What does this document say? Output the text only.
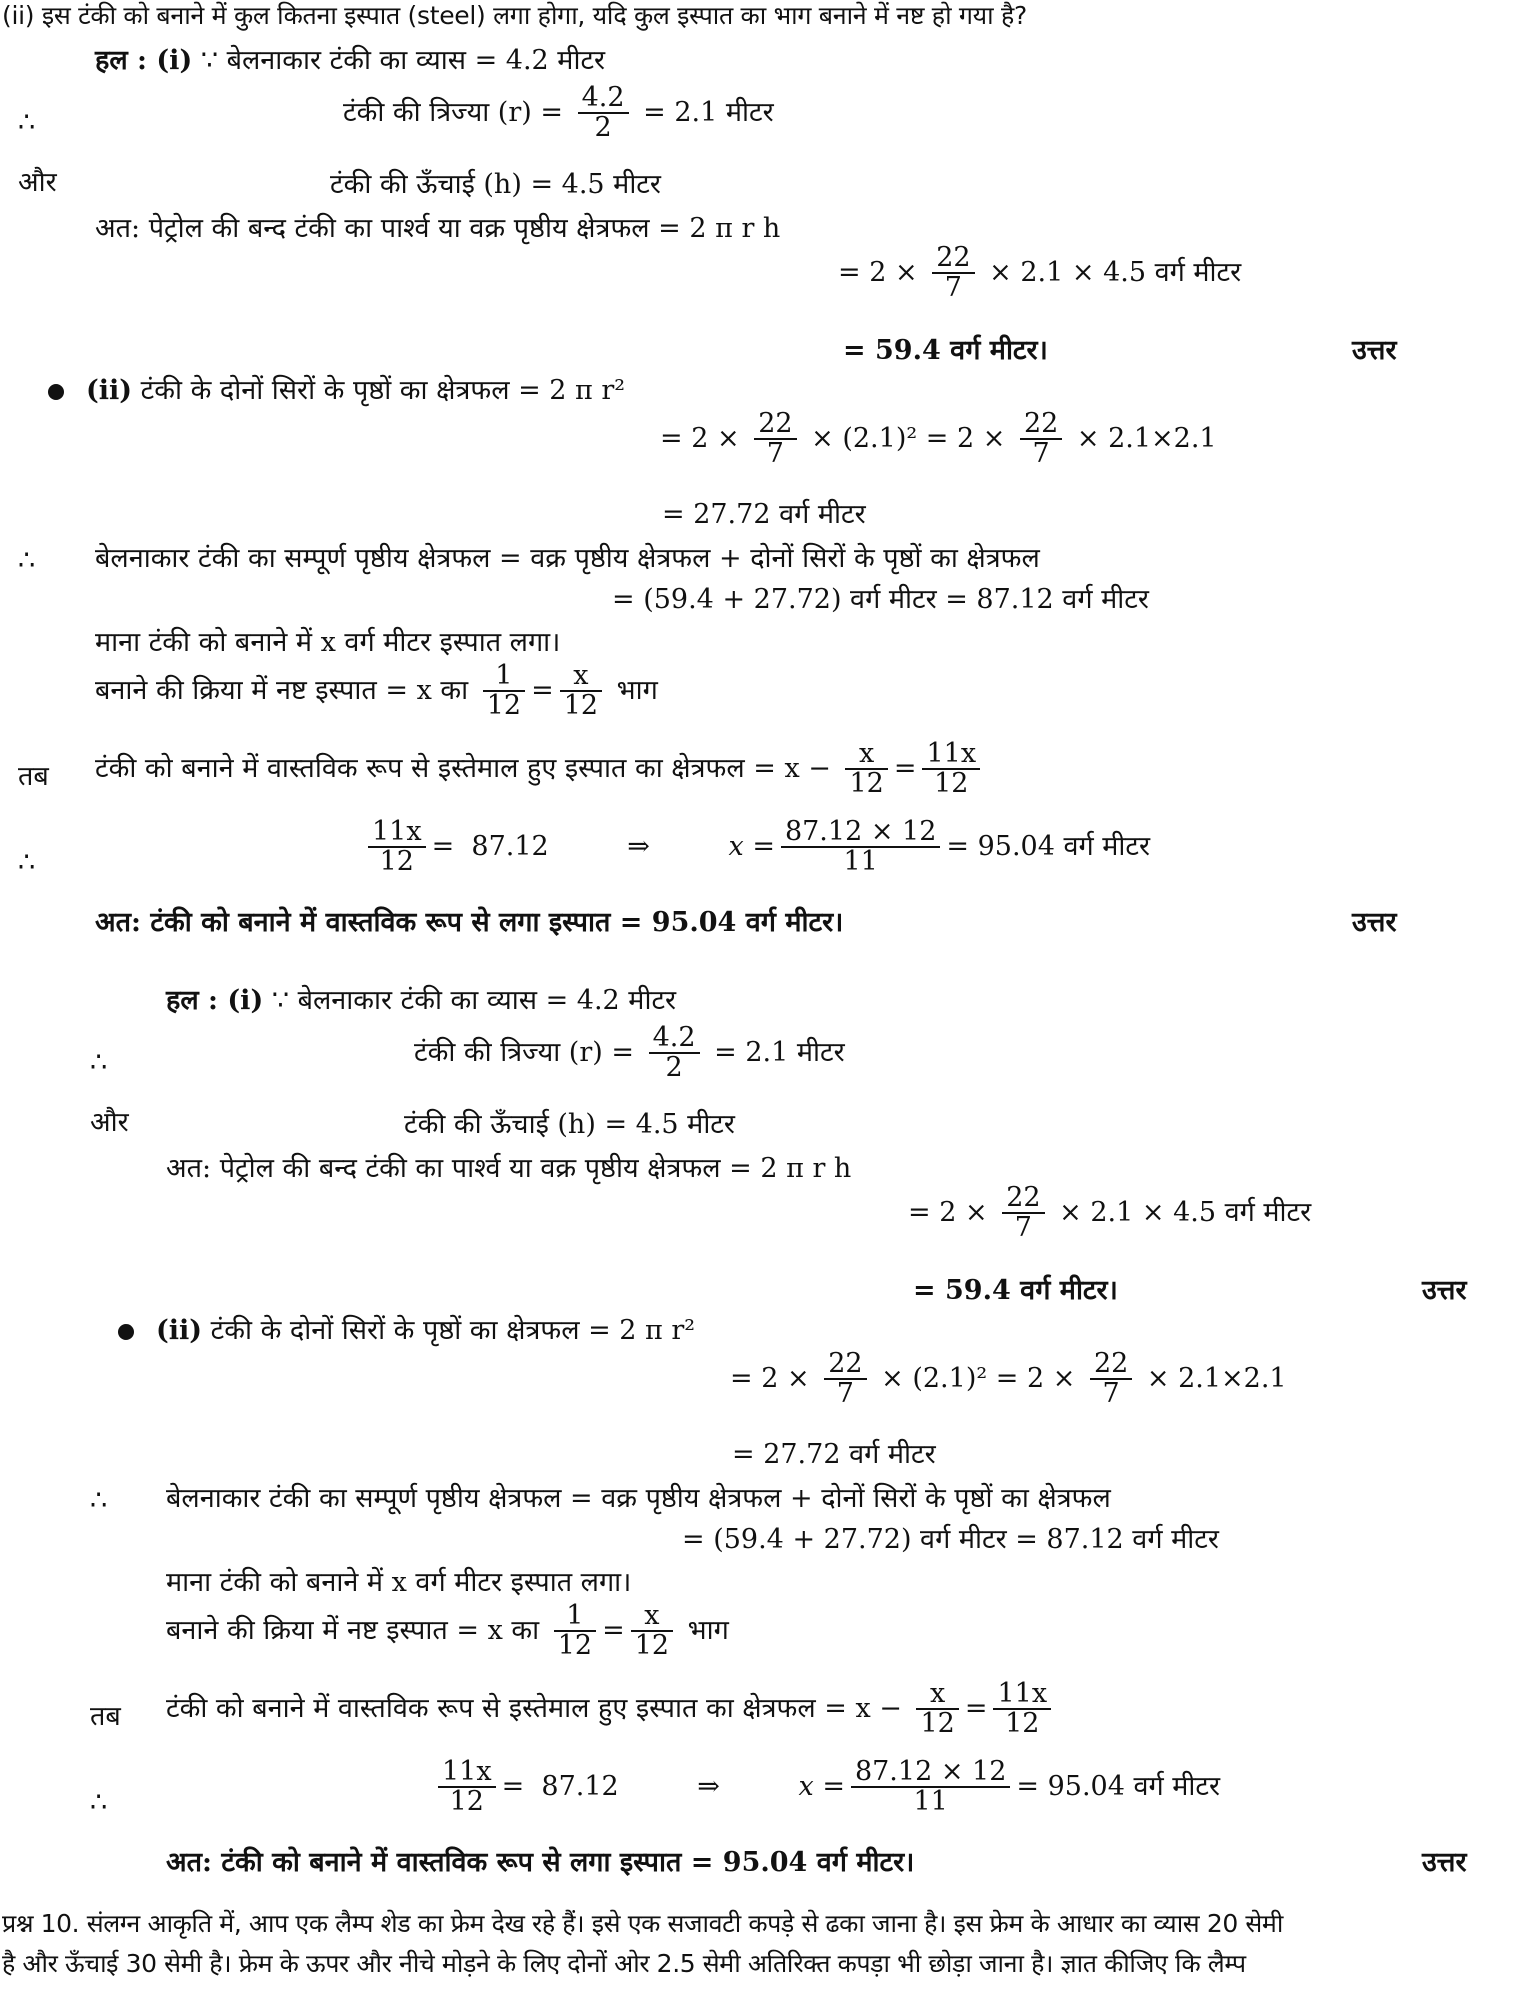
(ii) इस टंकी को बनाने में कुल कितना इस्पात (steel) लगा होगा, यदि कुल इस्पात का भाग बनाने में नष्ट हो गया है?
हल : (i) ∵ बेलनाकार टंकी का व्यास = 4.2 मीटर
∴	टंकी की त्रिज्या $(r) = \frac{4.2}{2} = 2.1$ मीटर
और	टंकी की ऊँचाई (h) = 4.5 मीटर
अत: पेट्रोल की बन्द टंकी का पार्श्व या वक्र पृष्ठीय क्षेत्रफल = 2 π r h
= $2 \times \frac{22}{7} \times 2.1 \times 4.5$ वर्ग मीटर
= 59.4 वर्ग मीटर।	उत्तर
(ii) टंकी के दोनों सिरों के पृष्ठों का क्षेत्रफल = 2 π r²
= $2 \times \frac{22}{7} \times (2.1)^2 = 2 \times \frac{22}{7} \times 2.1\times 2.1$
= 27.72 वर्ग मीटर
∴ बेलनाकार टंकी का सम्पूर्ण पृष्ठीय क्षेत्रफल = वक्र पृष्ठीय क्षेत्रफल + दोनों सिरों के पृष्ठों का क्षेत्रफल
= (59.4 + 27.72) वर्ग मीटर = 87.12 वर्ग मीटर
माना टंकी को बनाने में x वर्ग मीटर इस्पात लगा।
बनाने की क्रिया में नष्ट इस्पात = x का $\frac{1}{12} = \frac{x}{12}$ भाग
तब टंकी को बनाने में वास्तविक रूप से इस्तेमाल हुए इस्पात का क्षेत्रफल = $x - \frac{x}{12} = \frac{11x}{12}$
∴	$\frac{11x}{12} = 87.12$	⇒	$x = \frac{87.12 \times 12}{11} = 95.04$ वर्ग मीटर
अत: टंकी को बनाने में वास्तविक रूप से लगा इस्पात = 95.04 वर्ग मीटर।	उत्तर
हल : (i) ∵ बेलनाकार टंकी का व्यास = 4.2 मीटर
∴	टंकी की त्रिज्या $(r) = \frac{4.2}{2} = 2.1$ मीटर
और	टंकी की ऊँचाई (h) = 4.5 मीटर
अत: पेट्रोल की बन्द टंकी का पार्श्व या वक्र पृष्ठीय क्षेत्रफल = 2 π r h
= $2 \times \frac{22}{7} \times 2.1 \times 4.5$ वर्ग मीटर
= 59.4 वर्ग मीटर।	उत्तर
(ii) टंकी के दोनों सिरों के पृष्ठों का क्षेत्रफल = 2 π r²
= $2 \times \frac{22}{7} \times (2.1)^2 = 2 \times \frac{22}{7} \times 2.1\times 2.1$
= 27.72 वर्ग मीटर
∴ बेलनाकार टंकी का सम्पूर्ण पृष्ठीय क्षेत्रफल = वक्र पृष्ठीय क्षेत्रफल + दोनों सिरों के पृष्ठों का क्षेत्रफल
= (59.4 + 27.72) वर्ग मीटर = 87.12 वर्ग मीटर
माना टंकी को बनाने में x वर्ग मीटर इस्पात लगा।
बनाने की क्रिया में नष्ट इस्पात = x का $\frac{1}{12} = \frac{x}{12}$ भाग
तब टंकी को बनाने में वास्तविक रूप से इस्तेमाल हुए इस्पात का क्षेत्रफल = $x - \frac{x}{12} = \frac{11x}{12}$
∴	$\frac{11x}{12} = 87.12$	⇒	$x = \frac{87.12 \times 12}{11} = 95.04$ वर्ग मीटर
अत: टंकी को बनाने में वास्तविक रूप से लगा इस्पात = 95.04 वर्ग मीटर।	उत्तर
प्रश्न 10. संलग्न आकृति में, आप एक लैम्प शेड का फ्रेम देख रहे हैं। इसे एक सजावटी कपड़े से ढका जाना है। इस फ्रेम के आधार का व्यास 20 सेमी
है और ऊँचाई 30 सेमी है। फ्रेम के ऊपर और नीचे मोड़ने के लिए दोनों ओर 2.5 सेमी अतिरिक्त कपड़ा भी छोड़ा जाना है। ज्ञात कीजिए कि लैम्प
